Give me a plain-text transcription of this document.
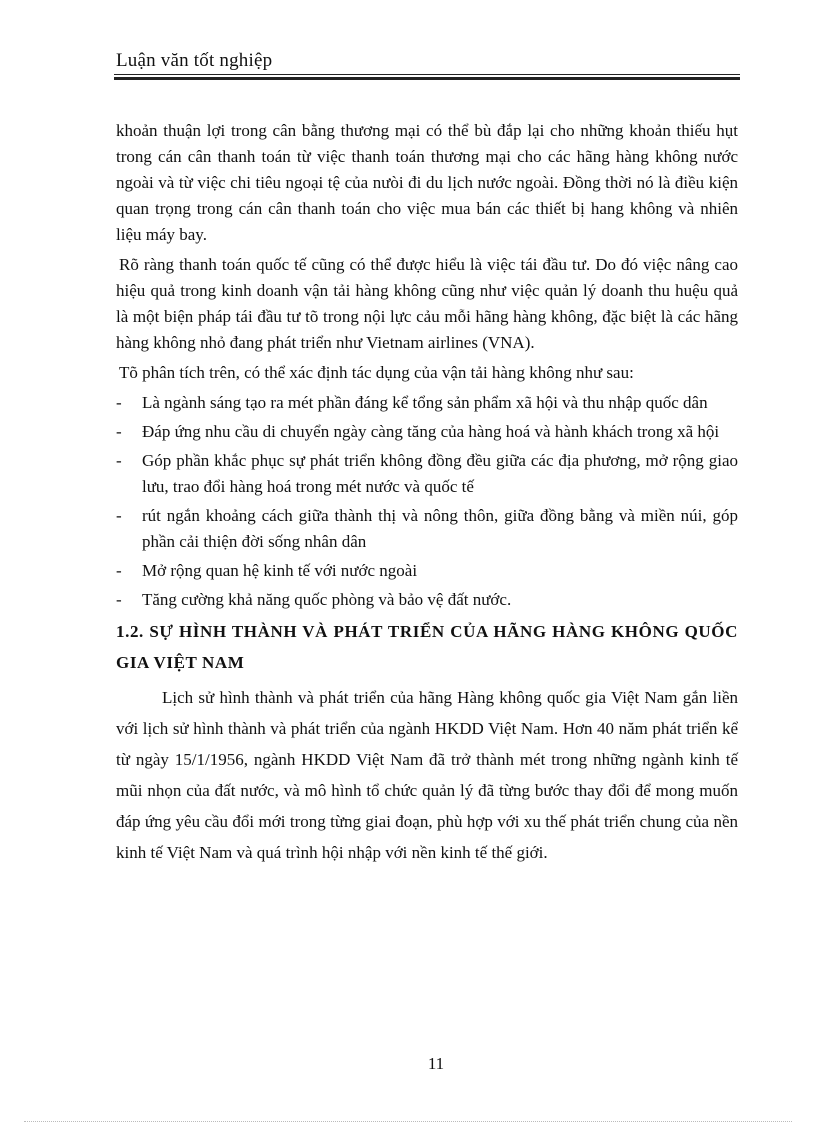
Luận văn tốt nghiệp

khoản thuận lợi trong cân bằng thương mại có thể bù đắp lại cho những khoản thiếu hụt trong cán cân thanh toán từ việc thanh toán thương mại cho các hãng hàng không nước ngoài và từ việc chi tiêu ngoại tệ của nưòi đi du lịch nước ngoài. Đồng thời nó là điều kiện quan trọng trong cán cân thanh toán cho việc mua bán các thiết bị hang không và nhiên liệu máy bay.

Rõ ràng thanh toán quốc tế cũng có thể được hiểu là việc tái đầu tư. Do đó việc nâng cao hiệu quả trong kinh doanh vận tải hàng không cũng như việc quản lý doanh thu huệu quả là một biện pháp tái đầu tư tõ trong nội lực cảu mỗi hãng hàng không, đặc biệt là các hãng hàng không nhỏ đang phát triển như Vietnam airlines (VNA).

Tõ phân tích trên, có thể xác định tác dụng của vận tải hàng không như sau:

- Là ngành sáng tạo ra mét phần đáng kể tổng sản phẩm xã hội và thu nhập quốc dân
- Đáp ứng nhu cầu di chuyển ngày càng tăng của hàng hoá và hành khách trong xã hội
- Góp phần khắc phục sự phát triển không đồng đều giữa các địa phương, mở rộng giao lưu, trao đổi hàng hoá trong mét nước và quốc tế
- rút ngắn khoảng cách giữa thành thị và nông thôn, giữa đồng bằng và miền núi, góp phần cải thiện đời sống nhân dân
- Mở rộng quan hệ kinh tế với nước ngoài
- Tăng cường khả năng quốc phòng và bảo vệ đất nước.

1.2. SỰ HÌNH THÀNH VÀ PHÁT TRIỂN CỦA HÃNG HÀNG KHÔNG QUỐC GIA VIỆT NAM

Lịch sử hình thành và phát triển của hãng Hàng không quốc gia Việt Nam gắn liền với lịch sử hình thành và phát triển của ngành HKDD Việt Nam. Hơn 40 năm phát triển kể từ ngày 15/1/1956, ngành HKDD Việt Nam đã trở thành mét trong những ngành kinh tế mũi nhọn của đất nước, và mô hình tổ chức quản lý đã từng bước thay đổi để mong muốn đáp ứng yêu cầu đổi mới trong từng giai đoạn, phù hợp với xu thế phát triển chung của nền kinh tế Việt Nam và quá trình hội nhập với nền kinh tế thế giới.

11
